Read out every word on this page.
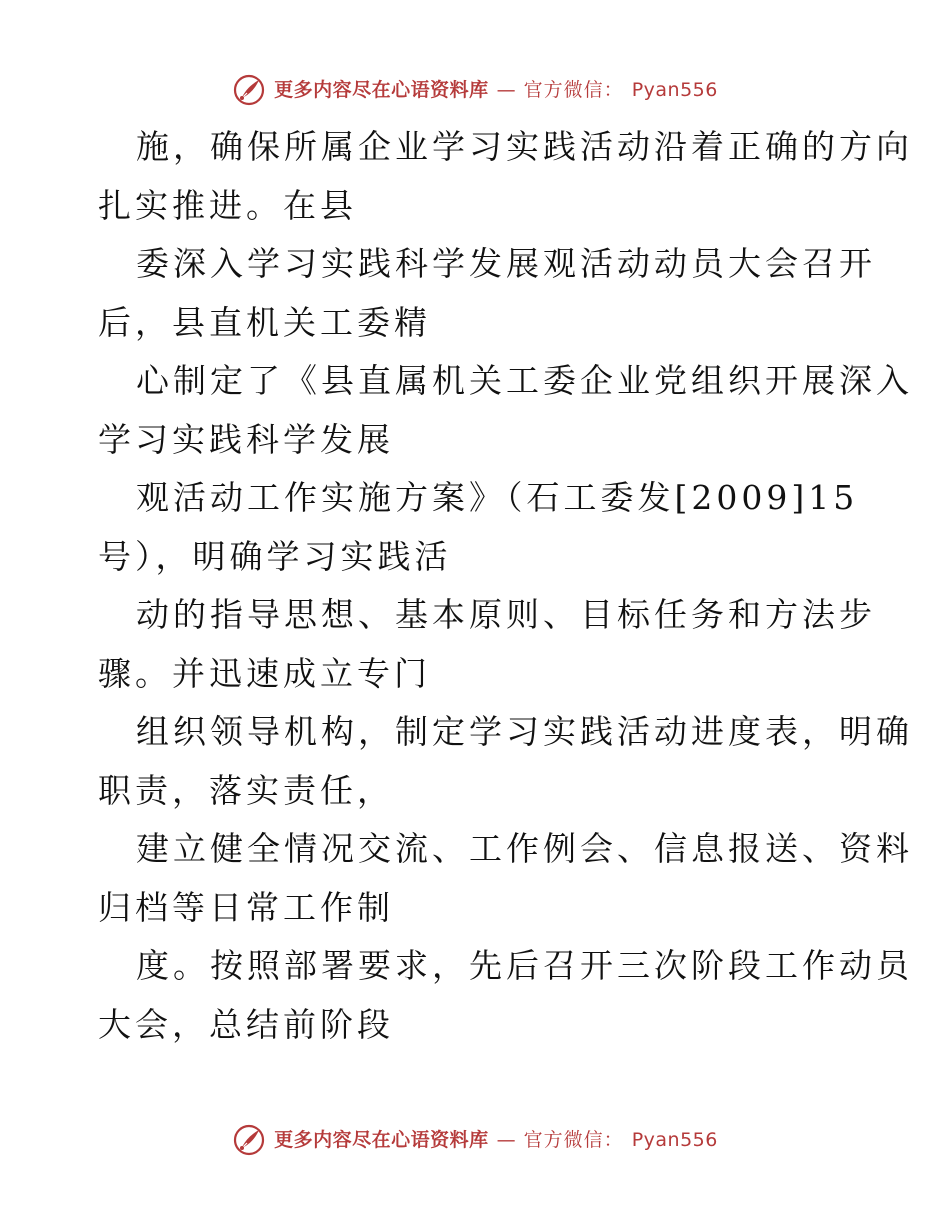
更多内容尽在心语资料库 — 官方微信： Pyan556
施，确保所属企业学习实践活动沿着正确的方向
扎实推进。在县
委深入学习实践科学发展观活动动员大会召开
后，县直机关工委精
心制定了《县直属机关工委企业党组织开展深入
学习实践科学发展
观活动工作实施方案》（石工委发[2009]15
号），明确学习实践活
动的指导思想、基本原则、目标任务和方法步
骤。并迅速成立专门
组织领导机构，制定学习实践活动进度表，明确
职责，落实责任，
建立健全情况交流、工作例会、信息报送、资料
归档等日常工作制
度。按照部署要求，先后召开三次阶段工作动员
大会，总结前阶段
更多内容尽在心语资料库 — 官方微信： Pyan556
